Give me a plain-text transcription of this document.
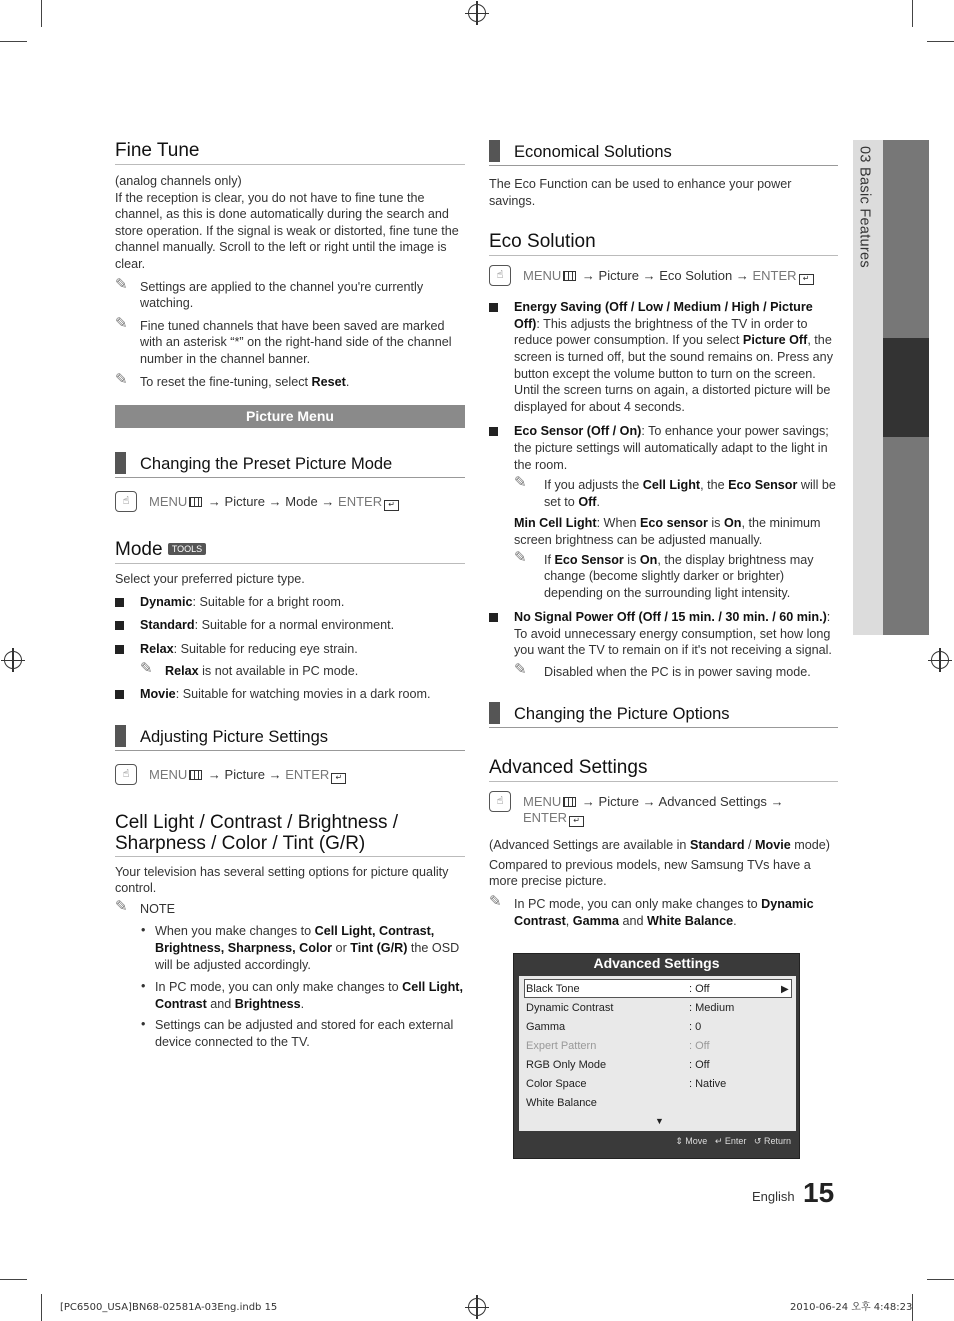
03 Basic Features
Fine Tune
(analog channels only)
If the reception is clear, you do not have to fine tune the channel, as this is done automatically during the search and store operation. If the signal is weak or distorted, fine tune the channel manually. Scroll to the left or right until the image is clear.
✎ Settings are applied to the channel you're currently watching.
✎ Fine tuned channels that have been saved are marked with an asterisk “*” on the right-hand side of the channel number in the channel banner.
✎ To reset the fine-tuning, select Reset.
Picture Menu
Changing the Preset Picture Mode
☝	MENU → Picture → Mode → ENTER ↵
Mode TOOLS
Select your preferred picture type.
Dynamic: Suitable for a bright room.
Standard: Suitable for a normal environment.
Relax: Suitable for reducing eye strain.
✎ Relax is not available in PC mode.
Movie: Suitable for watching movies in a dark room.
Adjusting Picture Settings
☝	MENU → Picture → ENTER ↵
Cell Light / Contrast / Brightness /
Sharpness / Color / Tint (G/R)
Your television has several setting options for picture quality control.
✎ NOTE
• When you make changes to Cell Light, Contrast, Brightness, Sharpness, Color or Tint (G/R) the OSD will be adjusted accordingly.
• In PC mode, you can only make changes to Cell Light, Contrast and Brightness.
• Settings can be adjusted and stored for each external device connected to the TV.
Economical Solutions
The Eco Function can be used to enhance your power savings.
Eco Solution
☝	MENU → Picture → Eco Solution → ENTER ↵
Energy Saving (Off / Low / Medium / High / Picture Off): This adjusts the brightness of the TV in order to reduce power consumption. If you select Picture Off, the screen is turned off, but the sound remains on. Press any button except the volume button to turn on the screen. Until the screen turns on again, a distorted picture will be displayed for about 4 seconds.
Eco Sensor (Off / On): To enhance your power savings; the picture settings will automatically adapt to the light in the room.
✎ If you adjusts the Cell Light, the Eco Sensor will be set to Off.
Min Cell Light: When Eco sensor is On, the minimum screen brightness can be adjusted manually.
✎ If Eco Sensor is On, the display brightness may change (become slightly darker or brighter) depending on the surrounding light intensity.
No Signal Power Off (Off / 15 min. / 30 min. / 60 min.): To avoid unnecessary energy consumption, set how long you want the TV to remain on if it's not receiving a signal.
✎ Disabled when the PC is in power saving mode.
Changing the Picture Options
Advanced Settings
☝	MENU → Picture → Advanced Settings →
ENTER ↵
(Advanced Settings are available in Standard / Movie mode)
Compared to previous models, new Samsung TVs have a more precise picture.
✎ In PC mode, you can only make changes to Dynamic Contrast, Gamma and White Balance.
Advanced Settings
▶
Black Tone	: Off
Dynamic Contrast	: Medium
Gamma	: 0
Expert Pattern	: Off
RGB Only Mode	: Off
Color Space	: Native
White Balance
▼
⇕ Move ↵ Enter ↺ Return
English 15
[PC6500_USA]BN68-02581A-03Eng.indb 15	2010-06-24 오후 4:48:23
